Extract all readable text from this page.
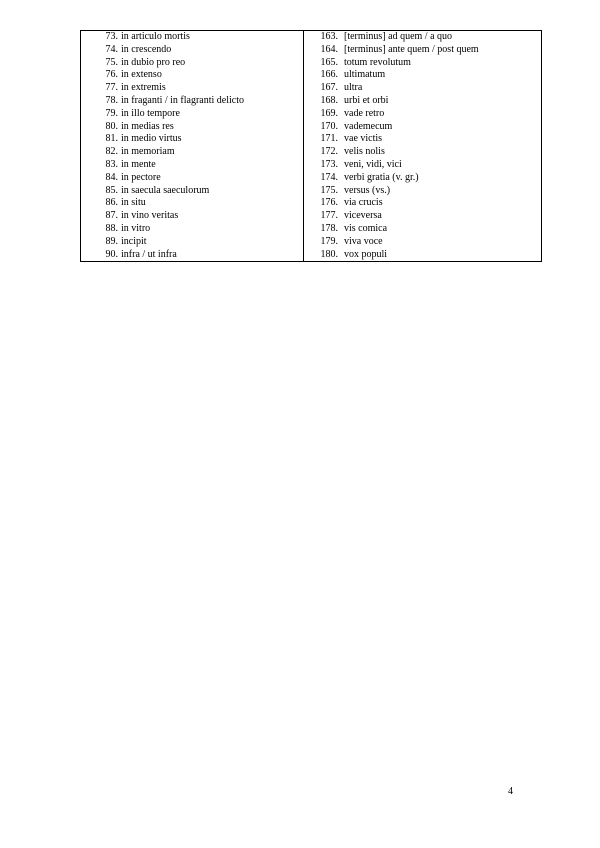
73. in articulo mortis	163. [terminus] ad quem / a quo

74. in crescendo	164. [terminus] ante quem / post quem

75. in dubio pro reo	165. totum revolutum

76. in extenso	166. ultimatum

77. in extremis	167. ultra

78. in fraganti / in flagranti delicto	168. urbi et orbi

79. in illo tempore	169. vade retro

80. in medias res	170. vademecum

81. in medio virtus	171. vae victis

82. in memoriam	172. velis nolis

83. in mente	173. veni, vidi, vici

84. in pectore	174. verbi gratia (v. gr.)

85. in saecula saeculorum	175. versus (vs.)

86. in situ	176. via crucis

87. in vino veritas	177. viceversa

88. in vitro	178. vis comica

89. incipit	179. viva voce

90. infra / ut infra	180. vox populi
4
